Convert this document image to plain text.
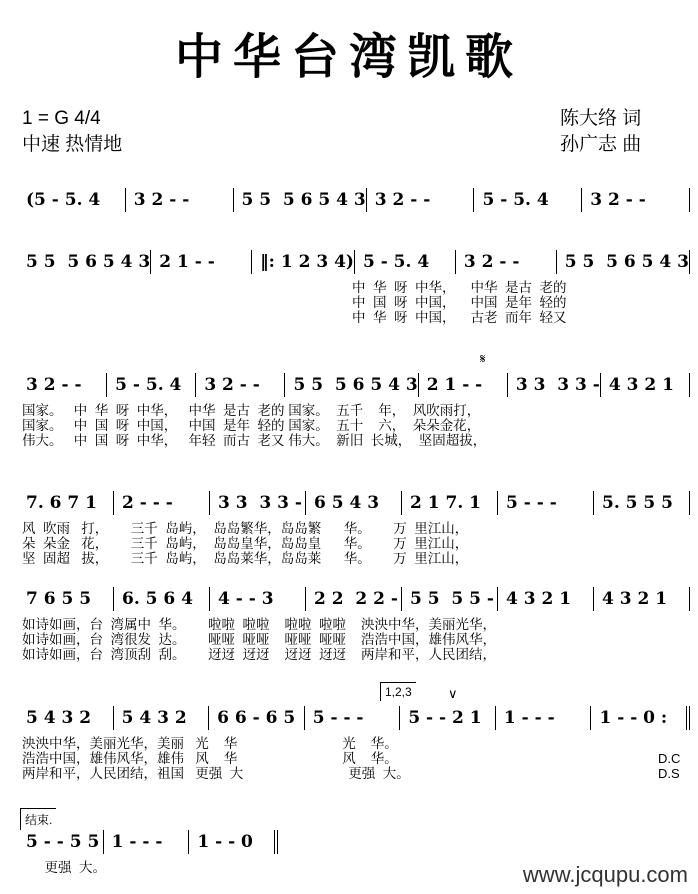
中华台湾凯歌
1 = G 4/4
中速 热情地
陈大络 词
孙广志 曲
(5 - 5. 4	3 2 - -	5 5  5 6 5 4 3 3 2 - -	5 - 5. 4	3 2 - -
5 5  5 6 5 4 3 2 1 - -	‖: 1 2 3 4) 5 - 5. 4	3 2 - -	5 5  5 6 5 4 3
中  华  呀  中华，    中华  是古  老的
中  国  呀  中国，    中国  是年  轻的
中  华  呀  中国，    古老  而年  轻又
3 2 - -	5 - 5. 4	3 2 - -	5 5  5 6 5 4 3 2 1 - -	3 3  3 3 - 4 3 2 1
国家。   中  华  呀  中华，   中华  是古  老的 国家。  五千    年，  风吹雨打，
国家。   中  国  呀  中国，   中国  是年  轻的 国家。  五十    六，  朵朵金花，
伟大。   中  国  呀  中华，   年轻  而古  老又 伟大。  新旧  长城，  坚固超拔，
𝄋
7. 6 7 1	2 - - -	3 3  3 3 - 6 5 4 3	2 1 7. 1	5 - - -	5. 5 5 5
风  吹雨   打，      三千  岛屿，  岛岛繁华，岛岛繁      华。      万  里江山，
朵  朵金   花，      三千  岛屿，  岛岛皇华，岛岛皇      华。      万  里江山，
坚  固超   拔，      三千  岛屿，  岛岛莱华，岛岛莱      华。      万  里江山，
7 6 5 5	6. 5 6 4	4 - - 3	2 2  2 2 - 5 5  5 5 - 4 3 2 1	4 3 2 1
如诗如画，台  湾属中  华。      啦啦  啦啦    啦啦  啦啦    泱泱中华，美丽光华，
如诗如画，台  湾很发  达。      哑哑  哑哑    哑哑  哑哑    浩浩中国，雄伟风华，
如诗如画，台  湾顶刮  刮。      迓迓  迓迓    迓迓  迓迓    两岸和平，人民团结，
5 4 3 2	5 4 3 2	6 6 - 6 5	5 - - -	5 - - 2 1	1 - - -	1 - - 0 :
泱泱中华，美丽光华，美丽   光    华                            光    华。
浩浩中国，雄伟风华，雄伟   风    华                            风    华。
两岸和平，人民团结，祖国   更强  大                            更强  大。
1,2,3	∨
D.C
D.S
5 - - 5 5 1 - - -	1 - - 0
更强  大。
结束.
www.jcqupu.com
